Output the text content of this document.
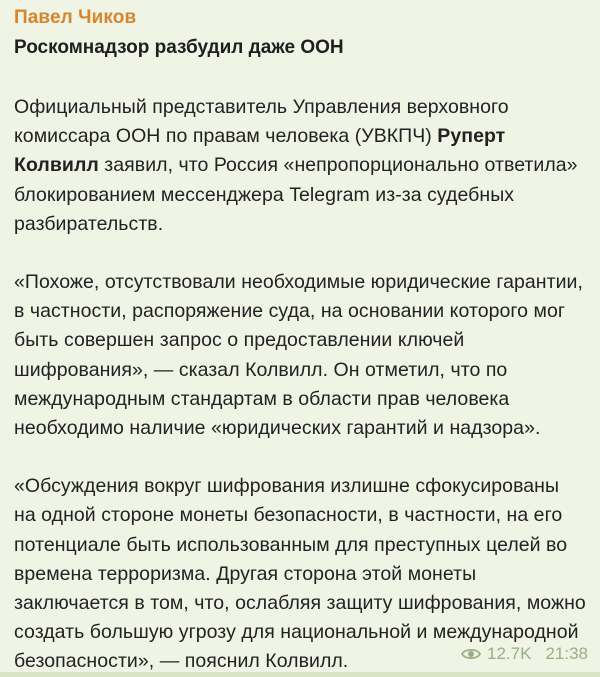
Павел Чиков
Роскомнадзор разбудил даже ООН

Официальный представитель Управления верховного комиссара ООН по правам человека (УВКПЧ) Руперт Колвилл заявил, что Россия «непропорционально ответила» блокированием мессенджера Telegram из-за судебных разбирательств.

«Похоже, отсутствовали необходимые юридические гарантии, в частности, распоряжение суда, на основании которого мог быть совершен запрос о предоставлении ключей шифрования», — сказал Колвилл. Он отметил, что по международным стандартам в области прав человека необходимо наличие «юридических гарантий и надзора».

«Обсуждения вокруг шифрования излишне сфокусированы на одной стороне монеты безопасности, в частности, на его потенциале быть использованным для преступных целей во времена терроризма. Другая сторона этой монеты заключается в том, что, ослабляя защиту шифрования, можно создать большую угрозу для национальной и международной безопасности», — пояснил Колвилл.	12.7K 21:38
